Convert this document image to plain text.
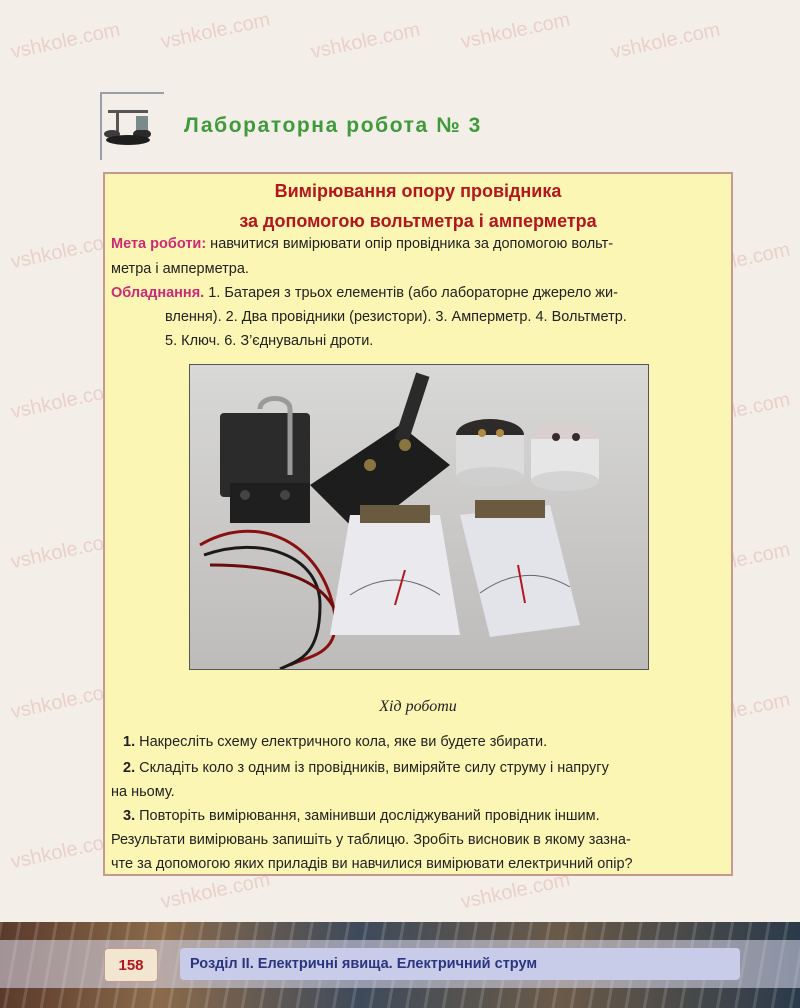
vshkole.com vshkole.com vshkole.com vshkole.com vshkole.com
vshkole.com
vshkole.com
vshkole.com
vshkole.com
vshkole.com
vshkole.com
vshkole.com
vshkole.com
vshkole.com
vshkole.com	vshkole.com
Лабораторна робота № 3
Вимірювання опору провідника
за допомогою вольтметра і амперметра
Мета роботи: навчитися вимірювати опір провідника за допомогою вольт-
метра і амперметра.
Обладнання. 1. Батарея з трьох елементів (або лабораторне джерело жи-
влення). 2. Два провідники (резистори). 3. Амперметр. 4. Вольтметр.
5. Ключ. 6. З’єднувальні дроти.
Хід роботи
1. Накресліть схему електричного кола, яке ви будете збирати.
2. Складіть коло з одним із провідників, виміряйте силу струму і напругу
на ньому.
3. Повторіть вимірювання, замінивши досліджуваний провідник іншим.
Результати вимірювань запишіть у таблицю. Зробіть висновик в якому зазна-
чте за допомогою яких приладів ви навчилися вимірювати електричний опір?
158	Розділ II. Електричні явища. Електричний струм
